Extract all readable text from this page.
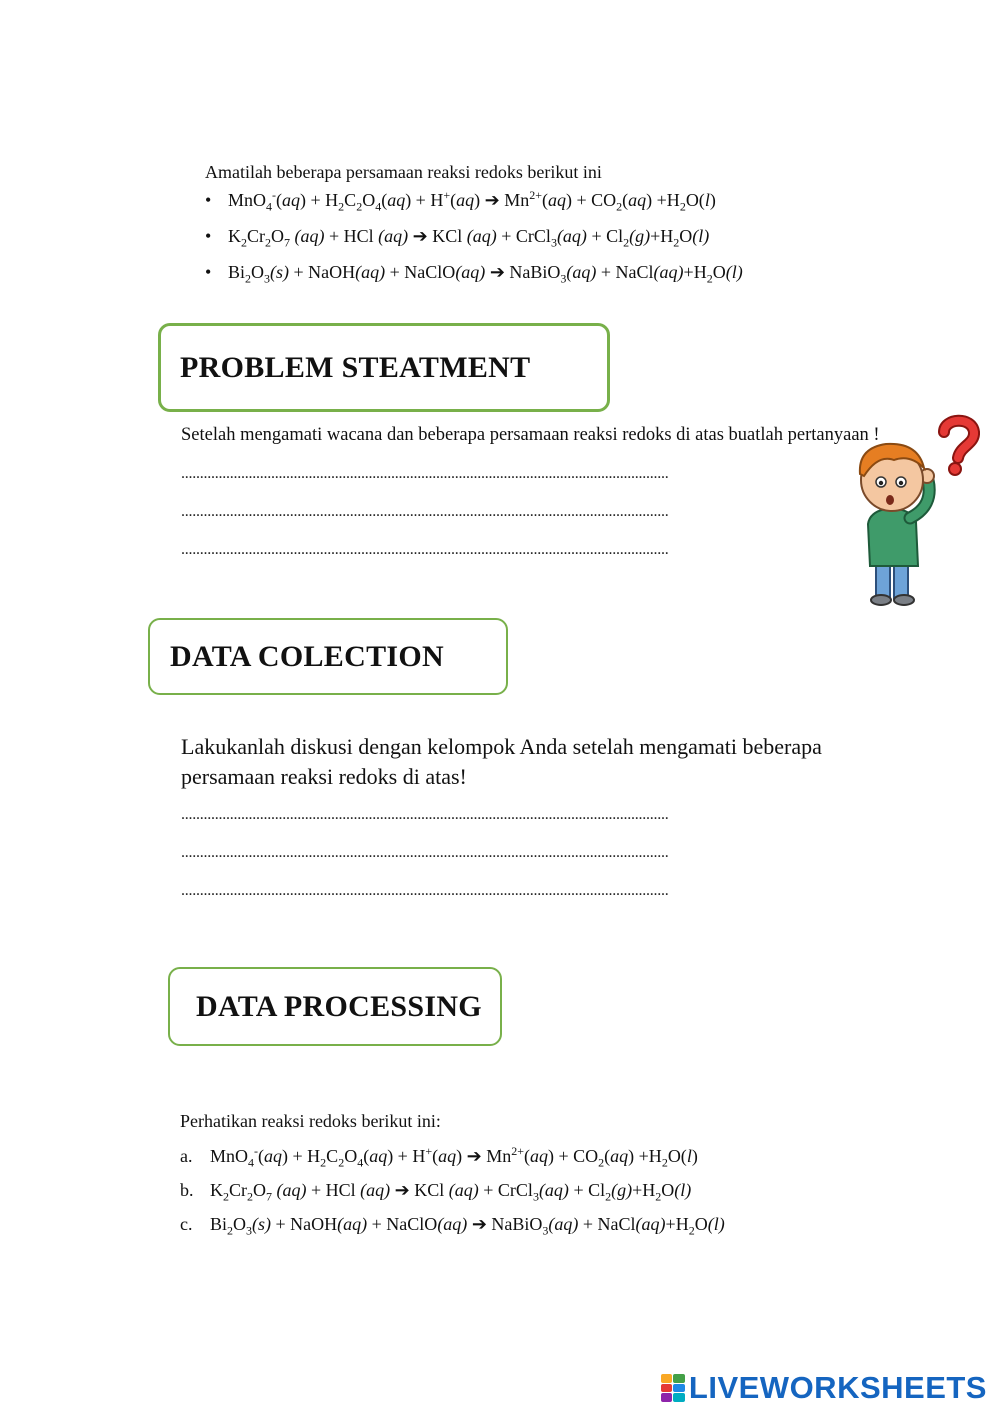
Amatilah beberapa persamaan reaksi redoks berikut ini
• $MnO_4^-(aq) + H_2C_2O_4(aq) + H^+(aq)$ ➔ $Mn^{2+}(aq) + CO_2(aq) +H_2O(l)$
• $K_2Cr_2O_7$ (aq) + HCl (aq) ➔ KCl (aq) + CrCl$_3$(aq) + $Cl_2(g)+H_2O(l)$
• $Bi_2O_3(s)$ + NaOH(aq) + NaClO(aq) ➔ NaBiO$_3$(aq) + $NaCl(aq)+H_2O(l)$
PROBLEM STEATMENT
Setelah mengamati wacana dan beberapa persamaan reaksi redoks di atas buatlah pertanyaan !
..................................................................................................................................
..................................................................................................................................
..................................................................................................................................
DATA COLECTION
Lakukanlah diskusi dengan kelompok Anda setelah mengamati beberapa persamaan reaksi redoks di atas!
..................................................................................................................................
..................................................................................................................................
..................................................................................................................................
DATA PROCESSING
Perhatikan reaksi redoks berikut ini:
a. $MnO_4^-(aq) + H_2C_2O_4(aq) + H^+(aq)$ ➔ $Mn^{2+}(aq) + CO_2(aq) +H_2O(l)$
b. $K_2Cr_2O_7$ (aq) + HCl (aq) ➔ KCl (aq) + CrCl$_3$(aq) + $Cl_2(g)+H_2O(l)$
c. $Bi_2O_3(s)$ + NaOH(aq) + NaClO(aq) ➔ NaBiO$_3$(aq) + $NaCl(aq)+H_2O(l)$
LIVEWORKSHEETS
